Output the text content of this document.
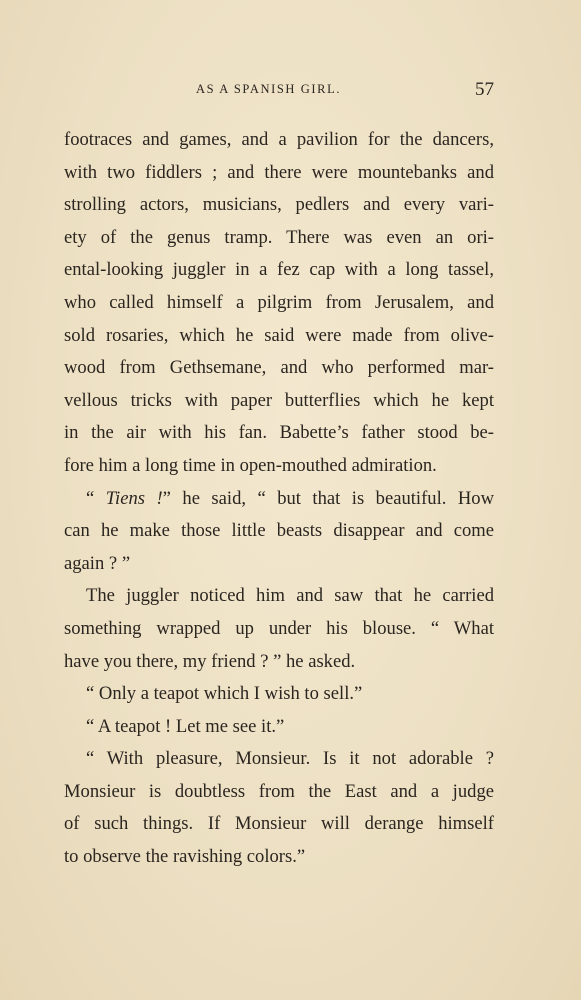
AS A SPANISH GIRL.	57
footraces and games, and a pavilion for the dancers,
with two fiddlers ; and there were mountebanks and
strolling actors, musicians, pedlers and every vari-
ety of the genus tramp. There was even an ori-
ental-looking juggler in a fez cap with a long tassel,
who called himself a pilgrim from Jerusalem, and
sold rosaries, which he said were made from olive-
wood from Gethsemane, and who performed mar-
vellous tricks with paper butterflies which he kept
in the air with his fan. Babette’s father stood be-
fore him a long time in open-mouthed admiration.
“ Tiens !” he said, “ but that is beautiful. How
can he make those little beasts disappear and come
again ? ”
The juggler noticed him and saw that he carried
something wrapped up under his blouse. “ What
have you there, my friend ? ” he asked.
“ Only a teapot which I wish to sell.”
“ A teapot ! Let me see it.”
“ With pleasure, Monsieur. Is it not adorable ?
Monsieur is doubtless from the East and a judge
of such things. If Monsieur will derange himself
to observe the ravishing colors.”
